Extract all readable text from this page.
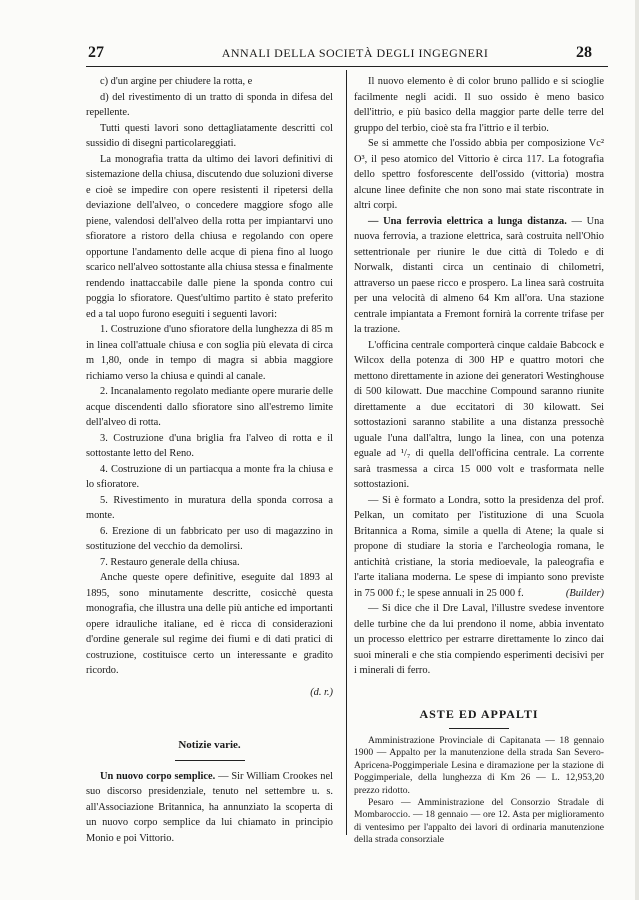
27	ANNALI DELLA SOCIETÀ DEGLI INGEGNERI	28

c) d'un argine per chiudere la rotta, e

d) del rivestimento di un tratto di sponda in difesa del repellente.

Tutti questi lavori sono dettagliatamente descritti col sussidio di disegni particolareggiati.

La monografia tratta da ultimo dei lavori definitivi di sistemazione della chiusa, discutendo due soluzioni diverse e cioè se impedire con opere resistenti il ripetersi della deviazione dell'alveo, o concedere maggiore sfogo alle piene, valendosi dell'alveo della rotta per impiantarvi uno sfioratore a ristoro della chiusa e regolando con opere opportune l'andamento delle acque di piena fino al luogo scarico nell'alveo sottostante alla chiusa stessa e finalmente rendendo inattaccabile dalle piene la sponda contro cui poggia lo sfioratore. Quest'ultimo partito è stato preferito ed a tal uopo furono eseguiti i seguenti lavori:

1. Costruzione d'uno sfioratore della lunghezza di 85 m in linea coll'attuale chiusa e con soglia più elevata di circa m 1,80, onde in tempo di magra si abbia maggiore richiamo verso la chiusa e quindi al canale.

2. Incanalamento regolato mediante opere murarie delle acque discendenti dallo sfioratore sino all'estremo limite dell'alveo di rotta.

3. Costruzione d'una briglia fra l'alveo di rotta e il sottostante letto del Reno.

4. Costruzione di un partiacqua a monte fra la chiusa e lo sfioratore.

5. Rivestimento in muratura della sponda corrosa a monte.

6. Erezione di un fabbricato per uso di magazzino in sostituzione del vecchio da demolirsi.

7. Restauro generale della chiusa.

Anche queste opere definitive, eseguite dal 1893 al 1895, sono minutamente descritte, cosicchè questa monografia, che illustra una delle più antiche ed importanti opere idrauliche italiane, ed è ricca di considerazioni d'ordine generale sul regime dei fiumi e di dati pratici di costruzione, costituisce certo un interessante e gradito ricordo.

(d. r.)

Notizie varie.

Un nuovo corpo semplice. — Sir William Crookes nel suo discorso presidenziale, tenuto nel settembre u. s. all'Associazione Britannica, ha annunziato la scoperta di un nuovo corpo semplice da lui chiamato in principio Monio e poi Vittorio.

Il nuovo elemento è di color bruno pallido e si scioglie facilmente negli acidi. Il suo ossido è meno basico dell'ittrio, e più basico della maggior parte delle terre del gruppo del terbio, cioè sta fra l'ittrio e il terbio.

Se si ammette che l'ossido abbia per composizione Vc² O³, il peso atomico del Vittorio è circa 117. La fotografia dello spettro fosforescente dell'ossido (vittoria) mostra alcune linee definite che non sono mai state riscontrate in altri corpi.

— Una ferrovia elettrica a lunga distanza. — Una nuova ferrovia, a trazione elettrica, sarà costruita nell'Ohio settentrionale per riunire le due città di Toledo e di Norwalk, distanti circa un centinaio di chilometri, attraverso un paese ricco e prospero. La linea sarà costruita per una velocità di almeno 64 Km all'ora. Una stazione centrale impiantata a Fremont fornirà la corrente trifase per la trazione.

L'officina centrale comporterà cinque caldaie Babcock e Wilcox della potenza di 300 HP e quattro motori che mettono direttamente in azione dei generatori Westinghouse di 500 kilowatt. Due macchine Compound saranno riunite direttamente a due eccitatori di 30 kilowatt. Sei sottostazioni saranno stabilite a una distanza pressochè uguale l'una dall'altra, lungo la linea, con una potenza eguale ad ¹/₇ di quella dell'officina centrale. La corrente sarà trasmessa a circa 15 000 volt e trasformata nelle sottostazioni.

— Si è formato a Londra, sotto la presidenza del prof. Pelkan, un comitato per l'istituzione di una Scuola Britannica a Roma, simile a quella di Atene; la quale si propone di studiare la storia e l'archeologia romana, le antichità cristiane, la storia medioevale, la paleografia e l'arte italiana moderna. Le spese di impianto sono previste in 75 000 f.; le spese annuali in 25 000 f.	(Builder)

— Si dice che il Dre Laval, l'illustre svedese inventore delle turbine che da lui prendono il nome, abbia inventato un processo elettrico per estrarre direttamente lo zinco dai suoi minerali e che stia compiendo esperimenti decisivi per i minerali di ferro.

ASTE ED APPALTI

Amministrazione Provinciale di Capitanata — 18 gennaio 1900 — Appalto per la manutenzione della strada San Severo-Apricena-Poggimperiale Lesina e diramazione per la stazione di Poggimperiale, della lunghezza di Km 26 — L. 12,953,20 prezzo ridotto.

Pesaro — Amministrazione del Consorzio Stradale di Mombaroccio. — 18 gennaio — ore 12. Asta per miglioramento di ventesimo per l'appalto dei lavori di ordinaria manutenzione della strada consorziale
